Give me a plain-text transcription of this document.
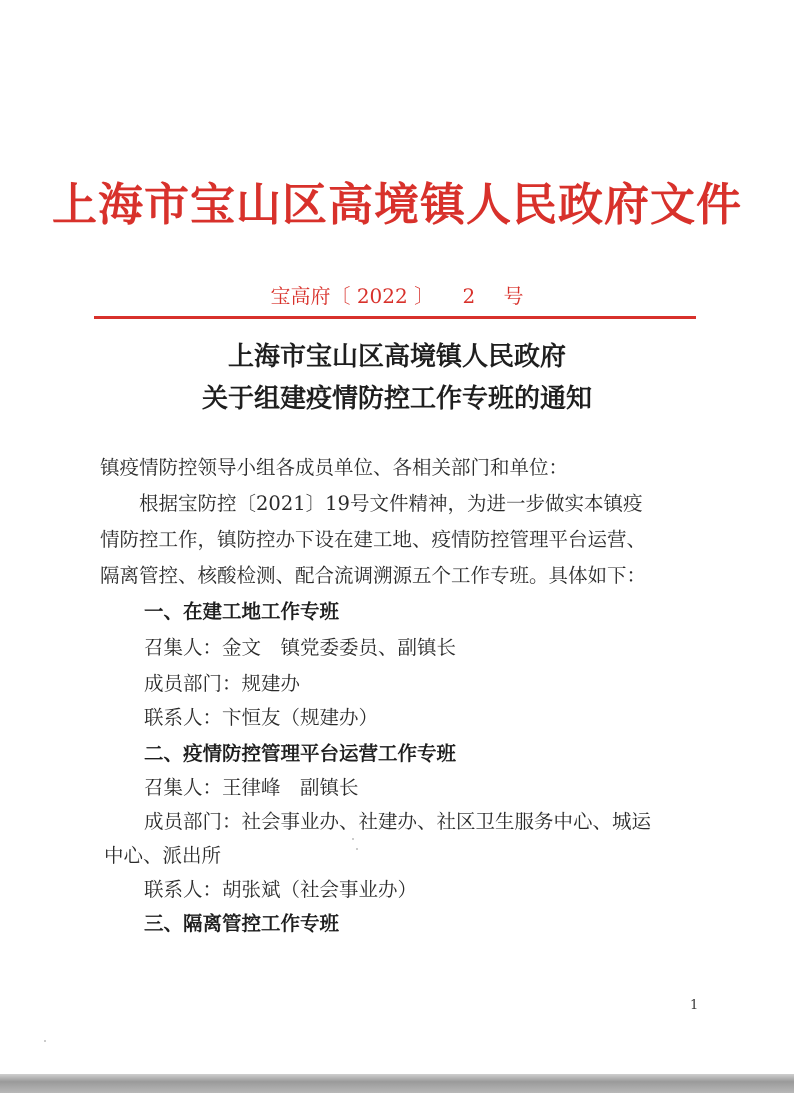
上海市宝山区高境镇人民政府文件
宝高府〔 2022 〕 2 号
上海市宝山区高境镇人民政府
关于组建疫情防控工作专班的通知
镇疫情防控领导小组各成员单位、各相关部门和单位：
根据宝防控〔2021〕19号文件精神，为进一步做实本镇疫
情防控工作，镇防控办下设在建工地、疫情防控管理平台运营、
隔离管控、核酸检测、配合流调溯源五个工作专班。具体如下：
一、在建工地工作专班
召集人：金文　镇党委委员、副镇长
成员部门：规建办
联系人：卞恒友（规建办）
二、疫情防控管理平台运营工作专班
召集人：王律峰　副镇长
成员部门：社会事业办、社建办、社区卫生服务中心、城运
中心、派出所
联系人：胡张斌（社会事业办）
三、隔离管控工作专班
1
